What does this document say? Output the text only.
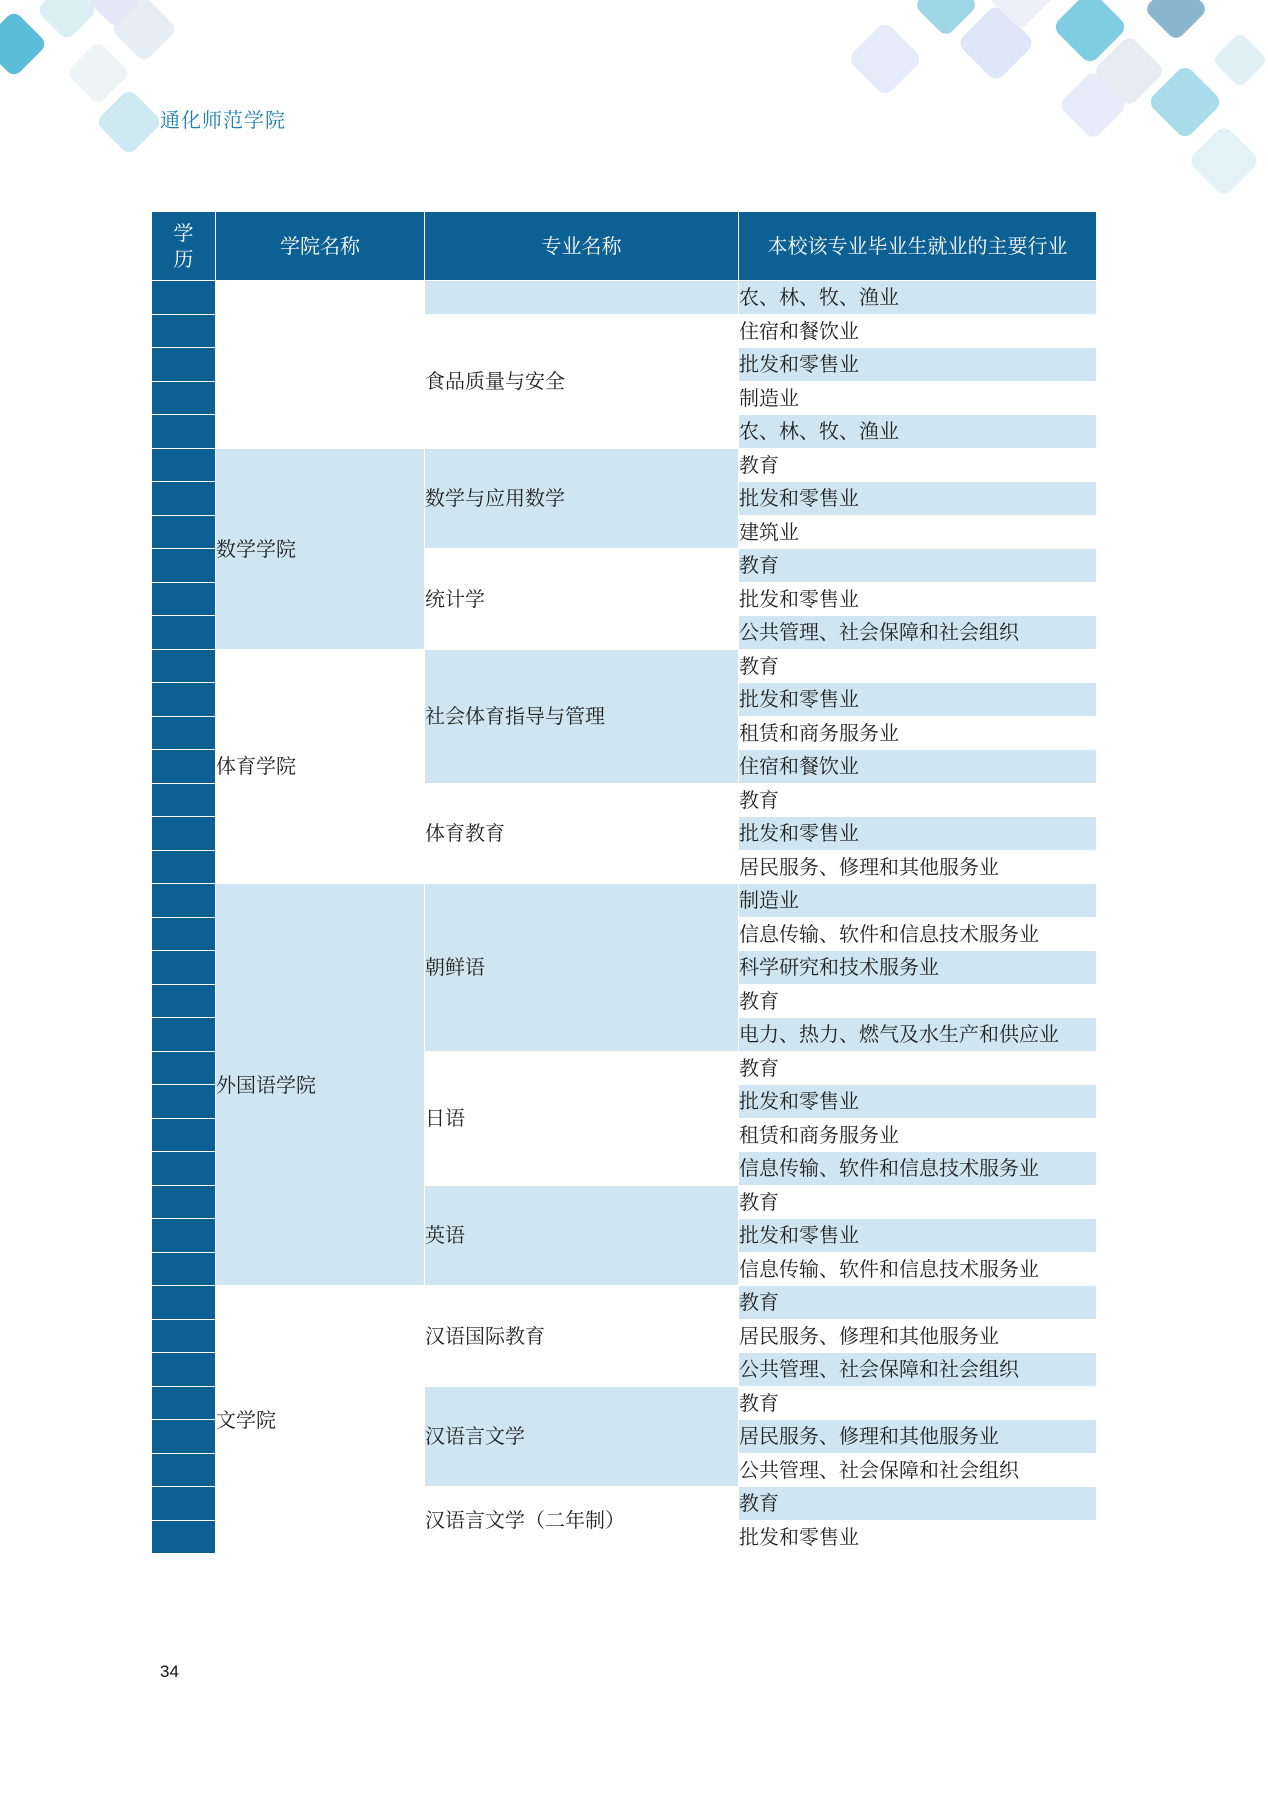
通化师范学院
学历	学院名称	专业名称	本校该专业毕业生就业的主要行业
			农、林、牧、渔业
		食品质量与安全	住宿和餐饮业
			批发和零售业
			制造业
			农、林、牧、渔业
	数学学院	数学与应用数学	教育
			批发和零售业
			建筑业
		统计学	教育
			批发和零售业
			公共管理、社会保障和社会组织
	体育学院	社会体育指导与管理	教育
			批发和零售业
			租赁和商务服务业
			住宿和餐饮业
		体育教育	教育
			批发和零售业
			居民服务、修理和其他服务业
	外国语学院	朝鲜语	制造业
			信息传输、软件和信息技术服务业
			科学研究和技术服务业
			教育
			电力、热力、燃气及水生产和供应业
		日语	教育
			批发和零售业
			租赁和商务服务业
			信息传输、软件和信息技术服务业
		英语	教育
			批发和零售业
			信息传输、软件和信息技术服务业
	文学院	汉语国际教育	教育
			居民服务、修理和其他服务业
			公共管理、社会保障和社会组织
		汉语言文学	教育
			居民服务、修理和其他服务业
			公共管理、社会保障和社会组织
		汉语言文学（二年制）	教育
			批发和零售业
34
